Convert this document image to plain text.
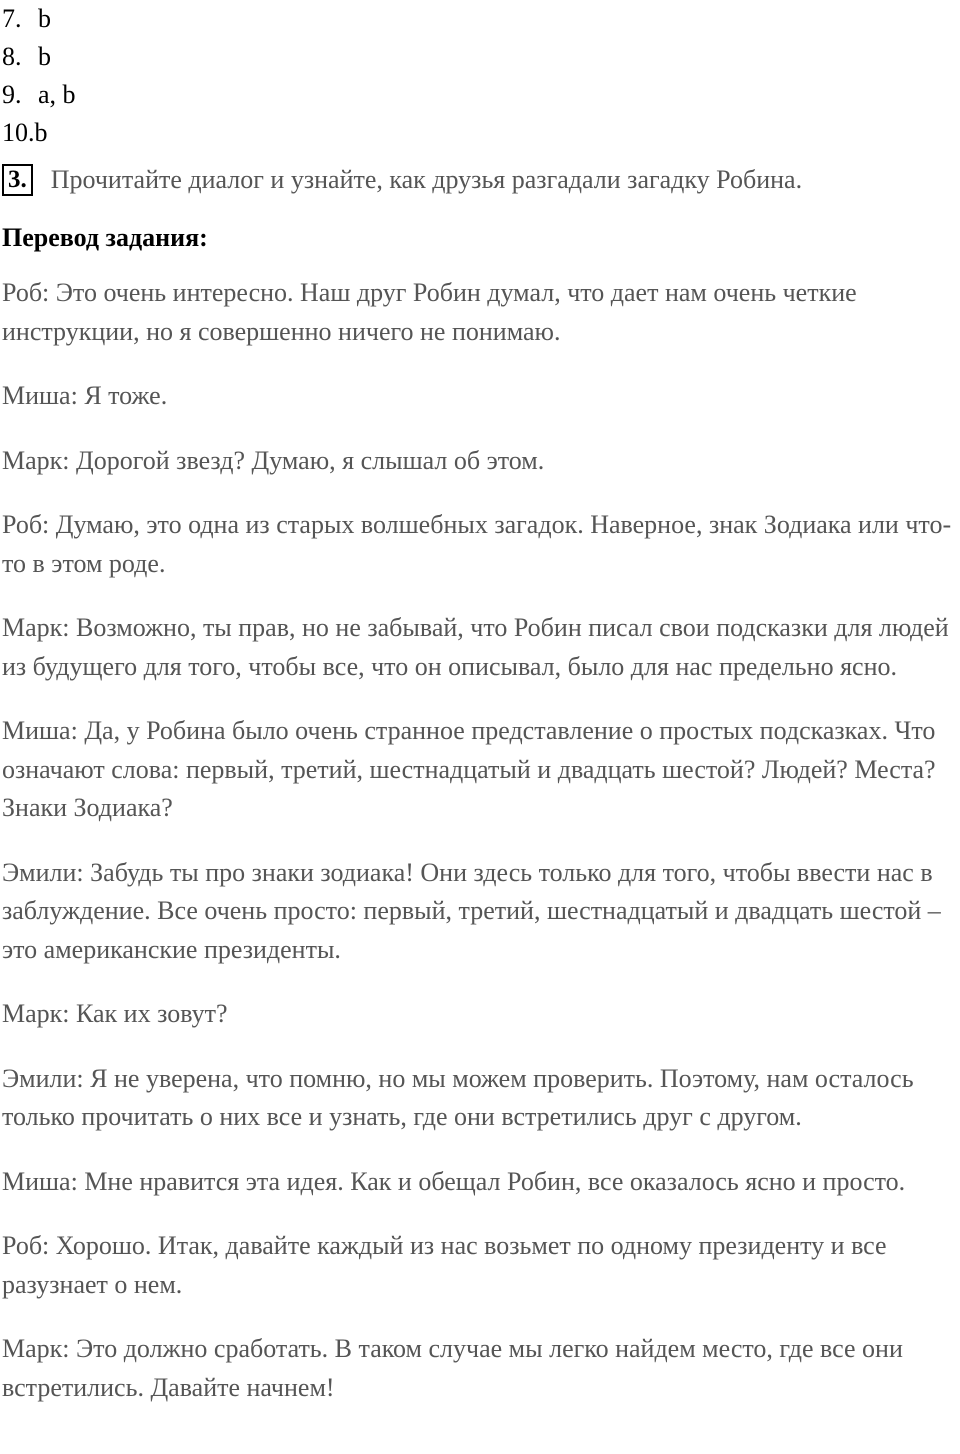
7. b
8. b
9. a, b
10. b
3. Прочитайте диалог и узнайте, как друзья разгадали загадку Робина.
Перевод задания:

Роб: Это очень интересно. Наш друг Робин думал, что дает нам очень четкие инструкции, но я совершенно ничего не понимаю.

Миша: Я тоже.

Марк: Дорогой звезд? Думаю, я слышал об этом.

Роб: Думаю, это одна из старых волшебных загадок. Наверное, знак Зодиака или что-то в этом роде.

Марк: Возможно, ты прав, но не забывай, что Робин писал свои подсказки для людей из будущего для того, чтобы все, что он описывал, было для нас предельно ясно.

Миша: Да, у Робина было очень странное представление о простых подсказках. Что означают слова: первый, третий, шестнадцатый и двадцать шестой? Людей? Места? Знаки Зодиака?

Эмили: Забудь ты про знаки зодиака! Они здесь только для того, чтобы ввести нас в заблуждение. Все очень просто: первый, третий, шестнадцатый и двадцать шестой – это американские президенты.

Марк: Как их зовут?

Эмили: Я не уверена, что помню, но мы можем проверить. Поэтому, нам осталось только прочитать о них все и узнать, где они встретились друг с другом.

Миша: Мне нравится эта идея. Как и обещал Робин, все оказалось ясно и просто.

Роб: Хорошо. Итак, давайте каждый из нас возьмет по одному президенту и все разузнает о нем.

Марк: Это должно сработать. В таком случае мы легко найдем место, где все они встретились. Давайте начнем!
